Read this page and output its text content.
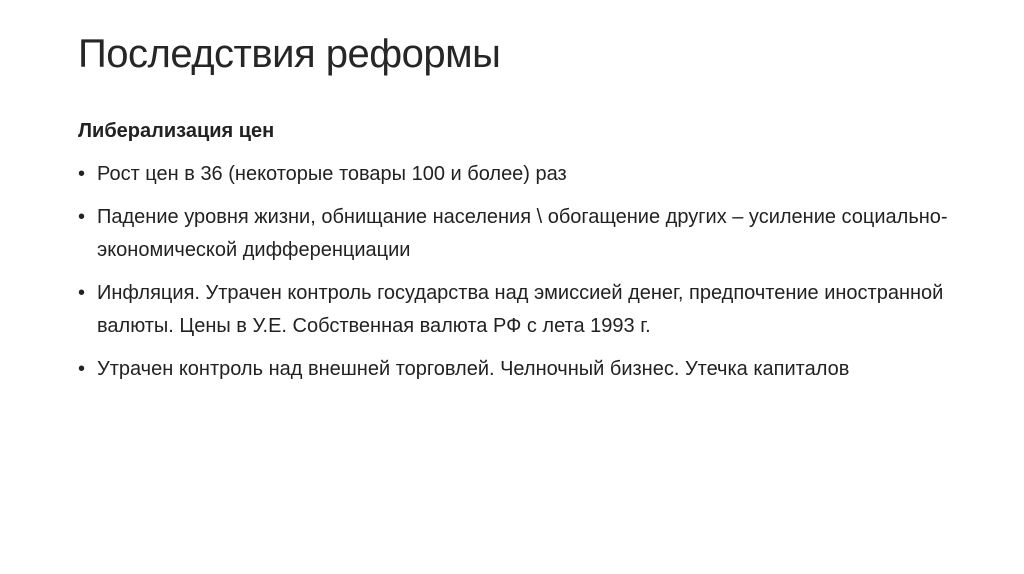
Последствия реформы
Либерализация цен
• Рост цен в 36 (некоторые товары 100 и более) раз
• Падение уровня жизни, обнищание населения \ обогащение других – усиление социально-экономической дифференциации
• Инфляция. Утрачен контроль государства над эмиссией денег, предпочтение иностранной валюты. Цены в У.Е. Собственная валюта РФ с лета 1993 г.
• Утрачен контроль над внешней торговлей. Челночный бизнес. Утечка капиталов
